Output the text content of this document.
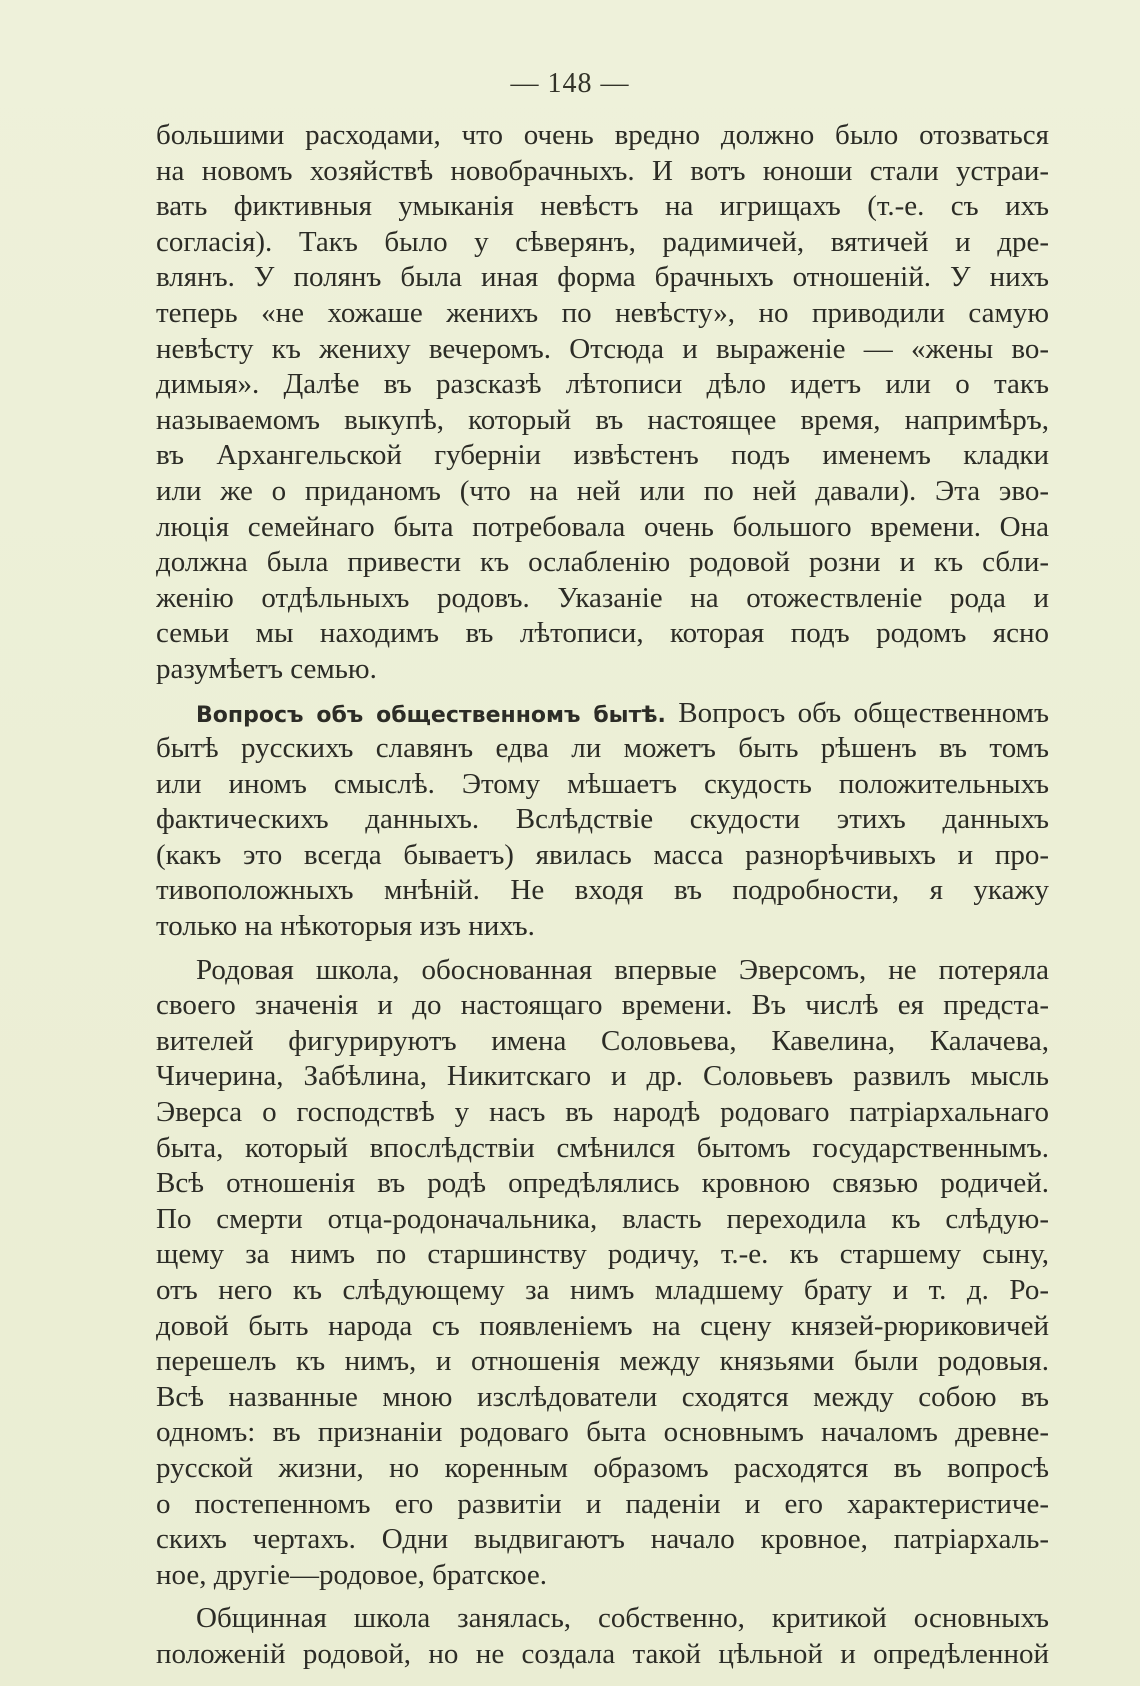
— 148 —
большими расходами, что очень вредно должно было отозваться
на новомъ хозяйствѣ новобрачныхъ. И вотъ юноши стали устраи-
вать фиктивныя умыканія невѣстъ на игрищахъ (т.-е. съ ихъ
согласія). Такъ было у сѣверянъ, радимичей, вятичей и дре-
влянъ. У полянъ была иная форма брачныхъ отношеній. У нихъ
теперь «не хожаше женихъ по невѣсту», но приводили самую
невѣсту къ жениху вечеромъ. Отсюда и выраженіе — «жены во-
димыя». Далѣе въ разсказѣ лѣтописи дѣло идетъ или о такъ
называемомъ выкупѣ, который въ настоящее время, напримѣръ,
въ Архангельской губерніи извѣстенъ подъ именемъ кладки
или же о приданомъ (что на ней или по ней давали). Эта эво-
люція семейнаго быта потребовала очень большого времени. Она
должна была привести къ ослабленію родовой розни и къ сбли-
женію отдѣльныхъ родовъ. Указаніе на отожествленіе рода и
семьи мы находимъ въ лѣтописи, которая подъ родомъ ясно
разумѣетъ семью.
Вопросъ объ общественномъ бытѣ. Вопросъ объ общественномъ
бытѣ русскихъ славянъ едва ли можетъ быть рѣшенъ въ томъ
или иномъ смыслѣ. Этому мѣшаетъ скудость положительныхъ
фактическихъ данныхъ. Вслѣдствіе скудости этихъ данныхъ
(какъ это всегда бываетъ) явилась масса разнорѣчивыхъ и про-
тивоположныхъ мнѣній. Не входя въ подробности, я укажу
только на нѣкоторыя изъ нихъ.
Родовая школа, обоснованная впервые Эверсомъ, не потеряла
своего значенія и до настоящаго времени. Въ числѣ ея предста-
вителей фигурируютъ имена Соловьева, Кавелина, Калачева,
Чичерина, Забѣлина, Никитскаго и др. Соловьевъ развилъ мысль
Эверса о господствѣ у насъ въ народѣ родоваго патріархальнаго
быта, который впослѣдствіи смѣнился бытомъ государственнымъ.
Всѣ отношенія въ родѣ опредѣлялись кровною связью родичей.
По смерти отца-родоначальника, власть переходила къ слѣдую-
щему за нимъ по старшинству родичу, т.-е. къ старшему сыну,
отъ него къ слѣдующему за нимъ младшему брату и т. д. Ро-
довой быть народа съ появленіемъ на сцену князей-рюриковичей
перешелъ къ нимъ, и отношенія между князьями были родовыя.
Всѣ названные мною изслѣдователи сходятся между собою въ
одномъ: въ признаніи родоваго быта основнымъ началомъ древне-
русской жизни, но коренным образомъ расходятся въ вопросѣ
о постепенномъ его развитіи и паденіи и его характеристиче-
скихъ чертахъ. Одни выдвигаютъ начало кровное, патріархаль-
ное, другіе—родовое, братское.
Общинная школа занялась, собственно, критикой основныхъ
положеній родовой, но не создала такой цѣльной и опредѣленной
